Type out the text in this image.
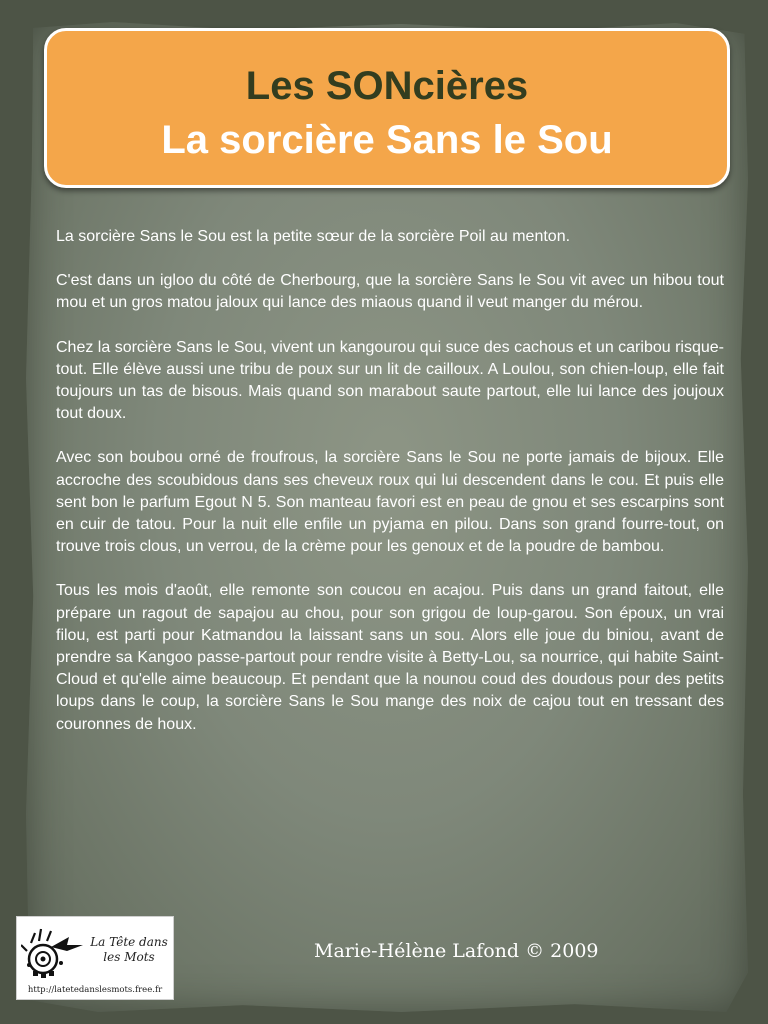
Les SONcières
La sorcière Sans le Sou

La sorcière Sans le Sou est la petite sœur de la sorcière Poil au menton.

C'est dans un igloo du côté de Cherbourg, que la sorcière Sans le Sou vit avec un hibou tout mou et un gros matou jaloux qui lance des miaous quand il veut manger du mérou.

Chez la sorcière Sans le Sou, vivent un kangourou qui suce des cachous et un caribou risque-tout. Elle élève aussi une tribu de poux sur un lit de cailloux. A Loulou, son chien-loup, elle fait toujours un tas de bisous. Mais quand son marabout saute partout, elle lui lance des joujoux tout doux.

Avec son boubou orné de froufrous, la sorcière Sans le Sou ne porte jamais de bijoux. Elle accroche des scoubidous dans ses cheveux roux qui lui descendent dans le cou. Et puis elle sent bon le parfum Egout N 5. Son manteau favori est en peau de gnou et ses escarpins sont en cuir de tatou. Pour la nuit elle enfile un pyjama en pilou. Dans son grand fourre-tout, on trouve trois clous, un verrou, de la crème pour les genoux et de la poudre de bambou.

Tous les mois d'août, elle remonte son coucou en acajou. Puis dans un grand faitout, elle prépare un ragout de sapajou au chou, pour son grigou de loup-garou. Son époux, un vrai filou, est parti pour Katmandou la laissant sans un sou. Alors elle joue du biniou, avant de prendre sa Kangoo passe-partout pour rendre visite à Betty-Lou, sa nourrice, qui habite Saint-Cloud et qu'elle aime beaucoup. Et pendant que la nounou coud des doudous pour des petits loups dans le coup, la sorcière Sans le Sou mange des noix de cajou tout en tressant des couronnes de houx.

La Tête dans
les Mots
http://latetedanslesmots.free.fr
Marie-Hélène Lafond © 2009
